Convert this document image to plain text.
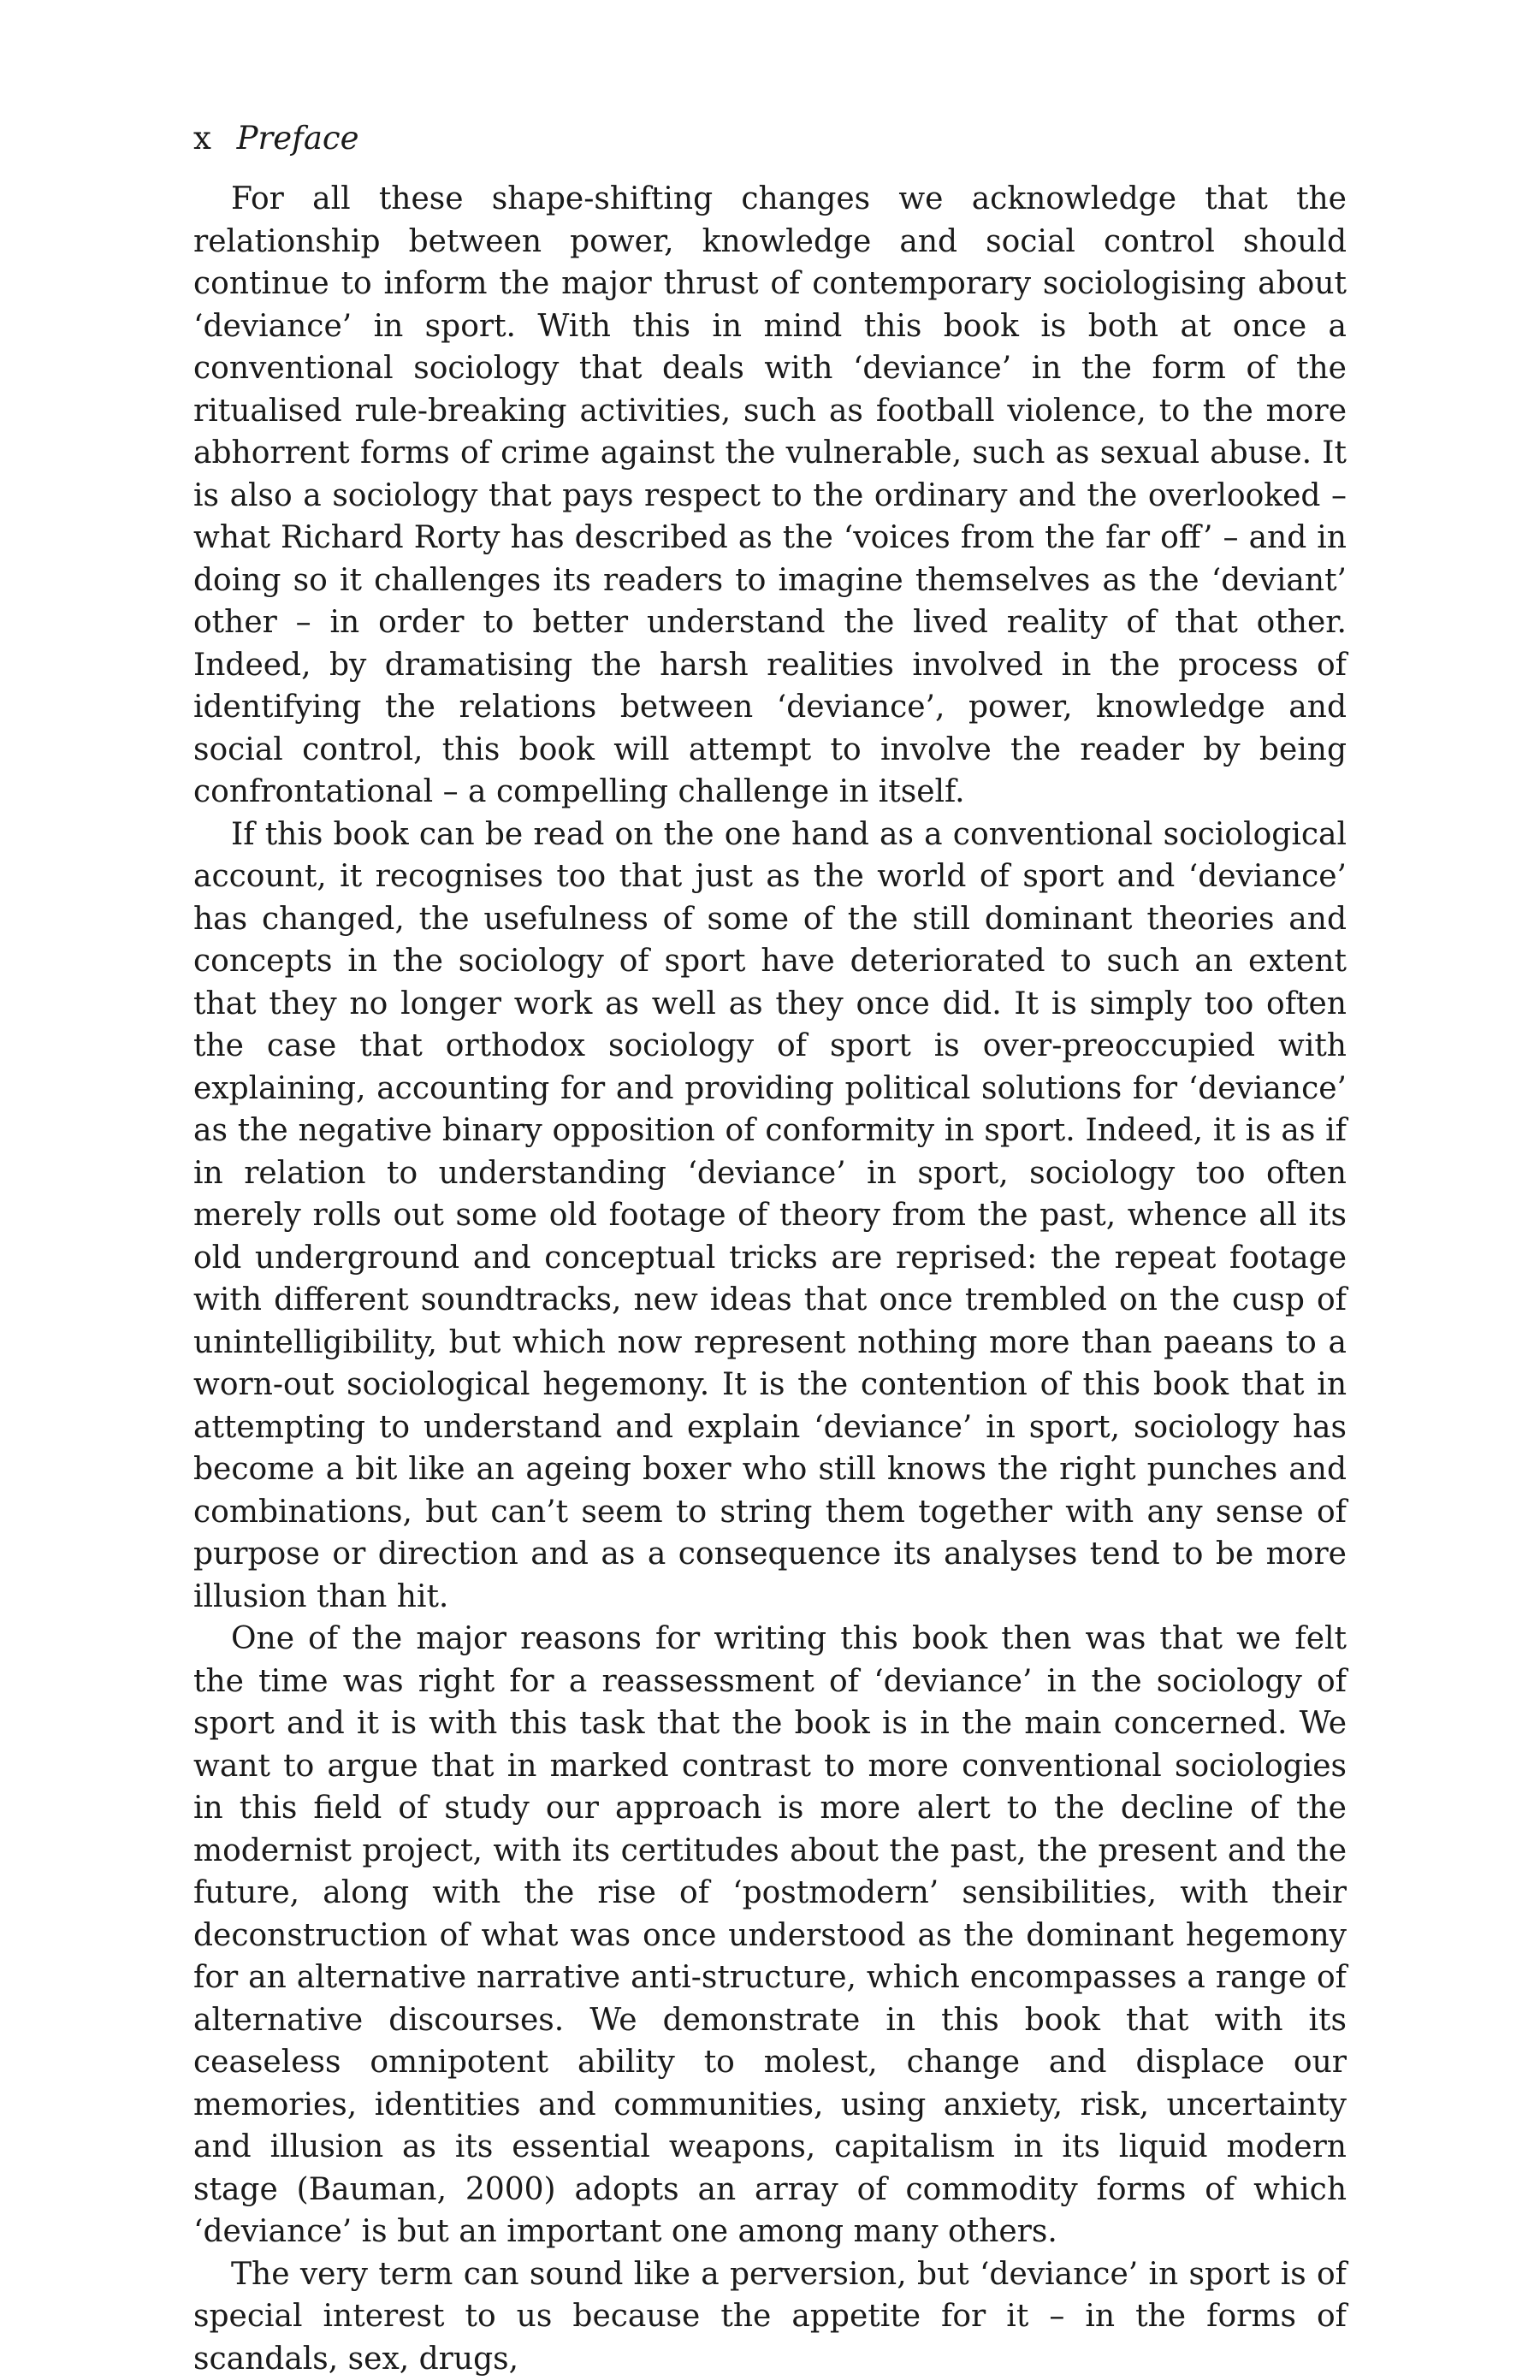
x Preface

For all these shape-shifting changes we acknowledge that the relationship between power, knowledge and social control should continue to inform the major thrust of contemporary sociologising about ‘deviance’ in sport. With this in mind this book is both at once a conventional sociology that deals with ‘deviance’ in the form of the ritualised rule-breaking activities, such as football violence, to the more abhorrent forms of crime against the vulnerable, such as sexual abuse. It is also a sociology that pays respect to the ordinary and the overlooked – what Richard Rorty has described as the ‘voices from the far off’ – and in doing so it challenges its readers to imagine themselves as the ‘deviant’ other – in order to better understand the lived reality of that other. Indeed, by dramatising the harsh realities involved in the process of identifying the relations between ‘deviance’, power, knowledge and social control, this book will attempt to involve the reader by being confrontational – a compelling challenge in itself.

If this book can be read on the one hand as a conventional sociological account, it recognises too that just as the world of sport and ‘deviance’ has changed, the usefulness of some of the still dominant theories and concepts in the sociology of sport have deteriorated to such an extent that they no longer work as well as they once did. It is simply too often the case that orthodox sociology of sport is over-preoccupied with explaining, accounting for and providing political solutions for ‘deviance’ as the negative binary opposition of conformity in sport. Indeed, it is as if in relation to understanding ‘deviance’ in sport, sociology too often merely rolls out some old footage of theory from the past, whence all its old underground and conceptual tricks are reprised: the repeat footage with different soundtracks, new ideas that once trembled on the cusp of unintelligibility, but which now represent nothing more than paeans to a worn-out sociological hegemony. It is the contention of this book that in attempting to understand and explain ‘deviance’ in sport, sociology has become a bit like an ageing boxer who still knows the right punches and combinations, but can’t seem to string them together with any sense of purpose or direction and as a consequence its analyses tend to be more illusion than hit.

One of the major reasons for writing this book then was that we felt the time was right for a reassessment of ‘deviance’ in the sociology of sport and it is with this task that the book is in the main concerned. We want to argue that in marked contrast to more conventional sociologies in this field of study our approach is more alert to the decline of the modernist project, with its certitudes about the past, the present and the future, along with the rise of ‘postmodern’ sensibilities, with their deconstruction of what was once understood as the dominant hegemony for an alternative narrative anti-structure, which encompasses a range of alternative discourses. We demonstrate in this book that with its ceaseless omnipotent ability to molest, change and displace our memories, identities and communities, using anxiety, risk, uncertainty and illusion as its essential weapons, capitalism in its liquid modern stage (Bauman, 2000) adopts an array of commodity forms of which ‘deviance’ is but an important one among many others.

The very term can sound like a perversion, but ‘deviance’ in sport is of special interest to us because the appetite for it – in the forms of scandals, sex, drugs,
